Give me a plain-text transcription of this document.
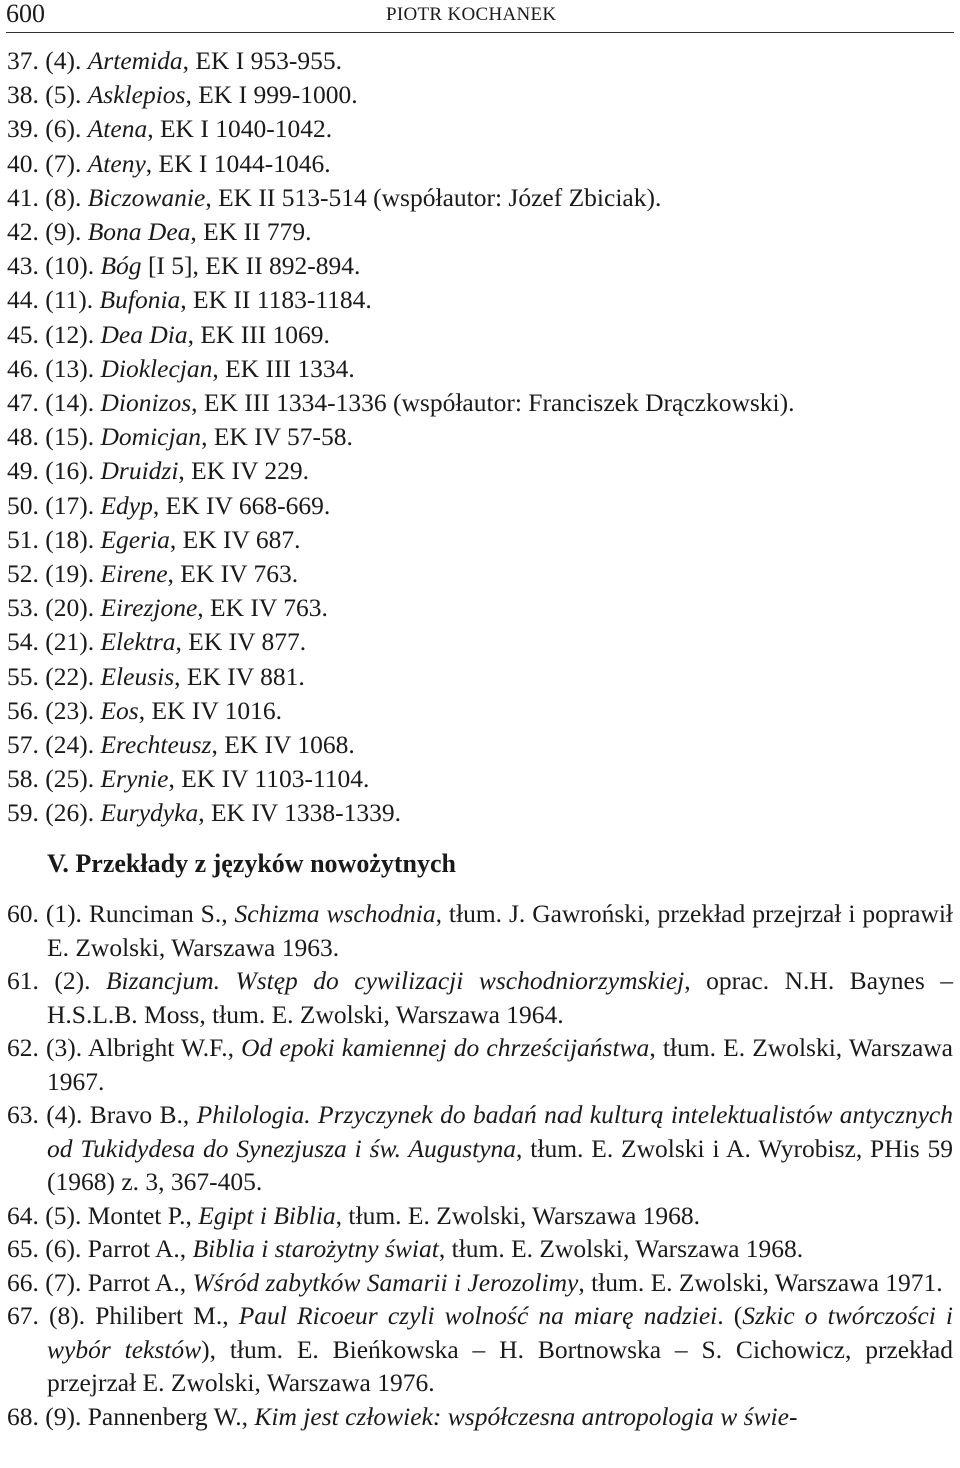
600	PIOTR KOCHANEK
37. (4). Artemida, EK I 953-955.
38. (5). Asklepios, EK I 999-1000.
39. (6). Atena, EK I 1040-1042.
40. (7). Ateny, EK I 1044-1046.
41. (8). Biczowanie, EK II 513-514 (współautor: Józef Zbiciak).
42. (9). Bona Dea, EK II 779.
43. (10). Bóg [I 5], EK II 892-894.
44. (11). Bufonia, EK II 1183-1184.
45. (12). Dea Dia, EK III 1069.
46. (13). Dioklecjan, EK III 1334.
47. (14). Dionizos, EK III 1334-1336 (współautor: Franciszek Drączkowski).
48. (15). Domicjan, EK IV 57-58.
49. (16). Druidzi, EK IV 229.
50. (17). Edyp, EK IV 668-669.
51. (18). Egeria, EK IV 687.
52. (19). Eirene, EK IV 763.
53. (20). Eirezjone, EK IV 763.
54. (21). Elektra, EK IV 877.
55. (22). Eleusis, EK IV 881.
56. (23). Eos, EK IV 1016.
57. (24). Erechteusz, EK IV 1068.
58. (25). Erynie, EK IV 1103-1104.
59. (26). Eurydyka, EK IV 1338-1339.
V. Przekłady z języków nowożytnych
60. (1). Runciman S., Schizma wschodnia, tłum. J. Gawroński, przekład przejrzał i poprawił E. Zwolski, Warszawa 1963.
61. (2). Bizancjum. Wstęp do cywilizacji wschodniorzymskiej, oprac. N.H. Baynes – H.S.L.B. Moss, tłum. E. Zwolski, Warszawa 1964.
62. (3). Albright W.F., Od epoki kamiennej do chrześcijaństwa, tłum. E. Zwolski, Warszawa 1967.
63. (4). Bravo B., Philologia. Przyczynek do badań nad kulturą intelektualistów antycznych od Tukidydesa do Synezjusza i św. Augustyna, tłum. E. Zwolski i A. Wyrobisz, PHis 59 (1968) z. 3, 367-405.
64. (5). Montet P., Egipt i Biblia, tłum. E. Zwolski, Warszawa 1968.
65. (6). Parrot A., Biblia i starożytny świat, tłum. E. Zwolski, Warszawa 1968.
66. (7). Parrot A., Wśród zabytków Samarii i Jerozolimy, tłum. E. Zwolski, Warszawa 1971.
67. (8). Philibert M., Paul Ricoeur czyli wolność na miarę nadziei. (Szkic o twórczości i wybór tekstów), tłum. E. Bieńkowska – H. Bortnowska – S. Cichowicz, przekład przejrzał E. Zwolski, Warszawa 1976.
68. (9). Pannenberg W., Kim jest człowiek: współczesna antropologia w świe-
